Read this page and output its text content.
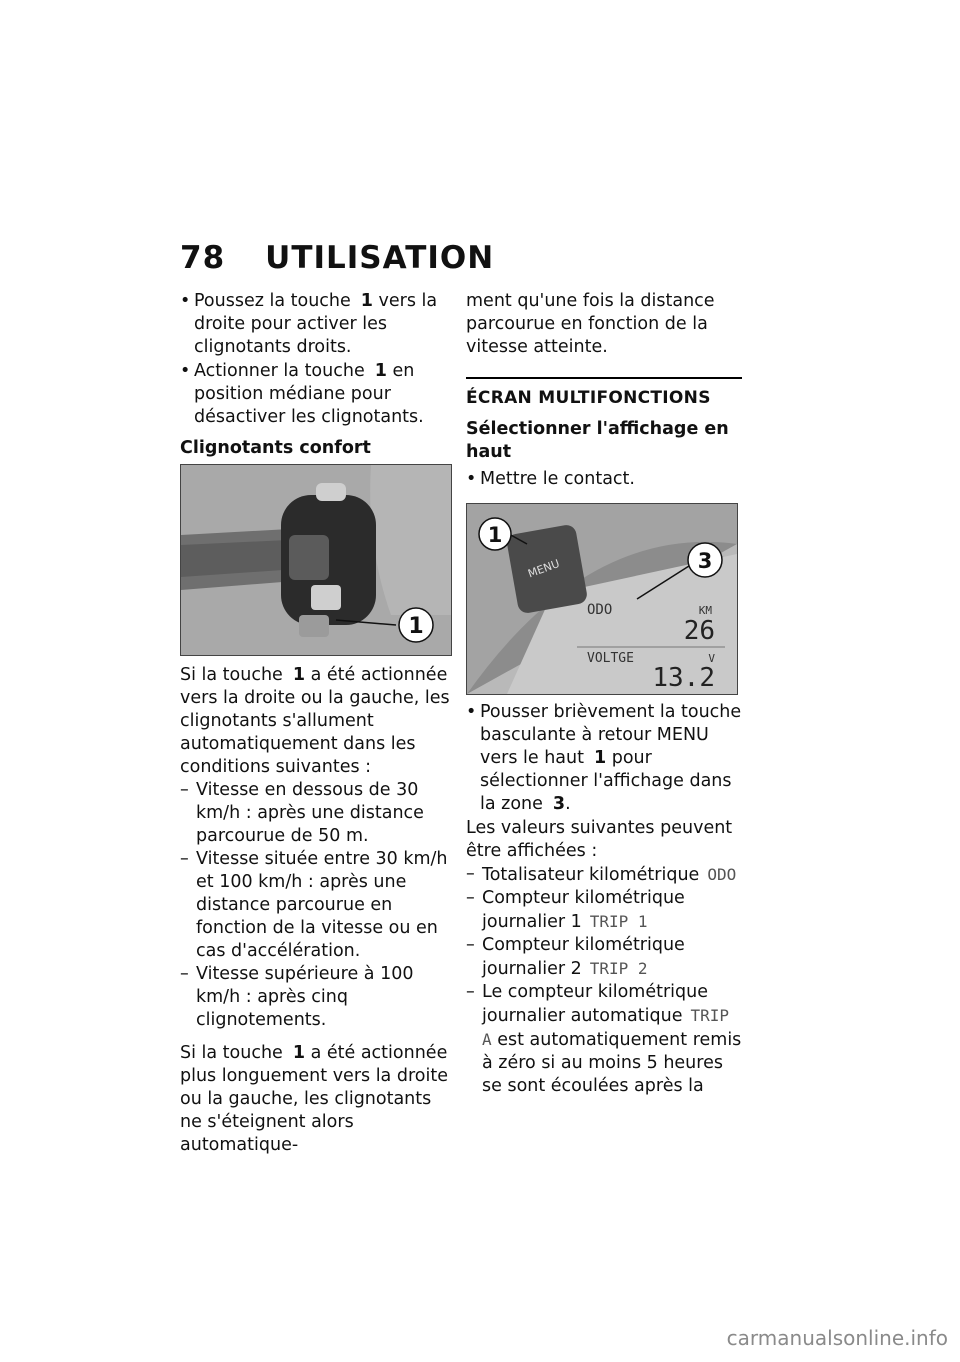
78 UTILISATION

• Poussez la touche 1 vers la droite pour activer les clignotants droits.

• Actionner la touche 1 en position médiane pour désactiver les clignotants.

Clignotants confort

1

Si la touche 1 a été actionnée vers la droite ou la gauche, les clignotants s'allument automatiquement dans les conditions suivantes :

– Vitesse en dessous de 30 km/h : après une distance parcourue de 50 m.

– Vitesse située entre 30 km/h et 100 km/h : après une distance parcourue en fonction de la vitesse ou en cas d'accélération.

– Vitesse supérieure à 100 km/h : après cinq clignotements.

Si la touche 1 a été actionnée plus longuement vers la droite ou la gauche, les clignotants ne s'éteignent alors automatique-

ment qu'une fois la distance parcourue en fonction de la vitesse atteinte.

ÉCRAN MULTIFONCTIONS

Sélectionner l'affichage en haut

• Mettre le contact.

MENU
ODO	KM
26
VOLTGE	V
13.2
1
3

• Pousser brièvement la touche basculante à retour MENU vers le haut 1 pour sélectionner l'affichage dans la zone 3.

Les valeurs suivantes peuvent être affichées :

– Totalisateur kilométrique ODO

– Compteur kilométrique journalier 1 TRIP 1

– Compteur kilométrique journalier 2 TRIP 2

– Le compteur kilométrique journalier automatique TRIP A est automatiquement remis à zéro si au moins 5 heures se sont écoulées après la

carmanualsonline.info
